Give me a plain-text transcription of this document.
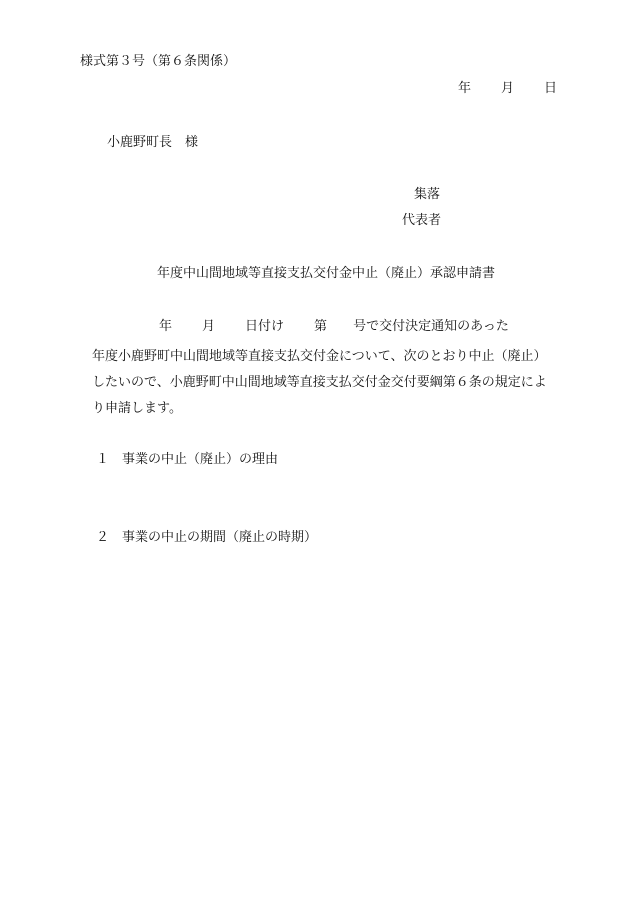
様式第３号（第６条関係）
年 月 日
小鹿野町長　様
集落
代表者
年度中山間地域等直接支払交付金中止（廃止）承認申請書
年 月 日付け 第 号で交付決定通知のあった
年度小鹿野町中山間地域等直接支払交付金について、次のとおり中止（廃止）したいので、小鹿野町中山間地域等直接支払交付金交付要綱第６条の規定により申請します。
１ 事業の中止（廃止）の理由
２ 事業の中止の期間（廃止の時期）
